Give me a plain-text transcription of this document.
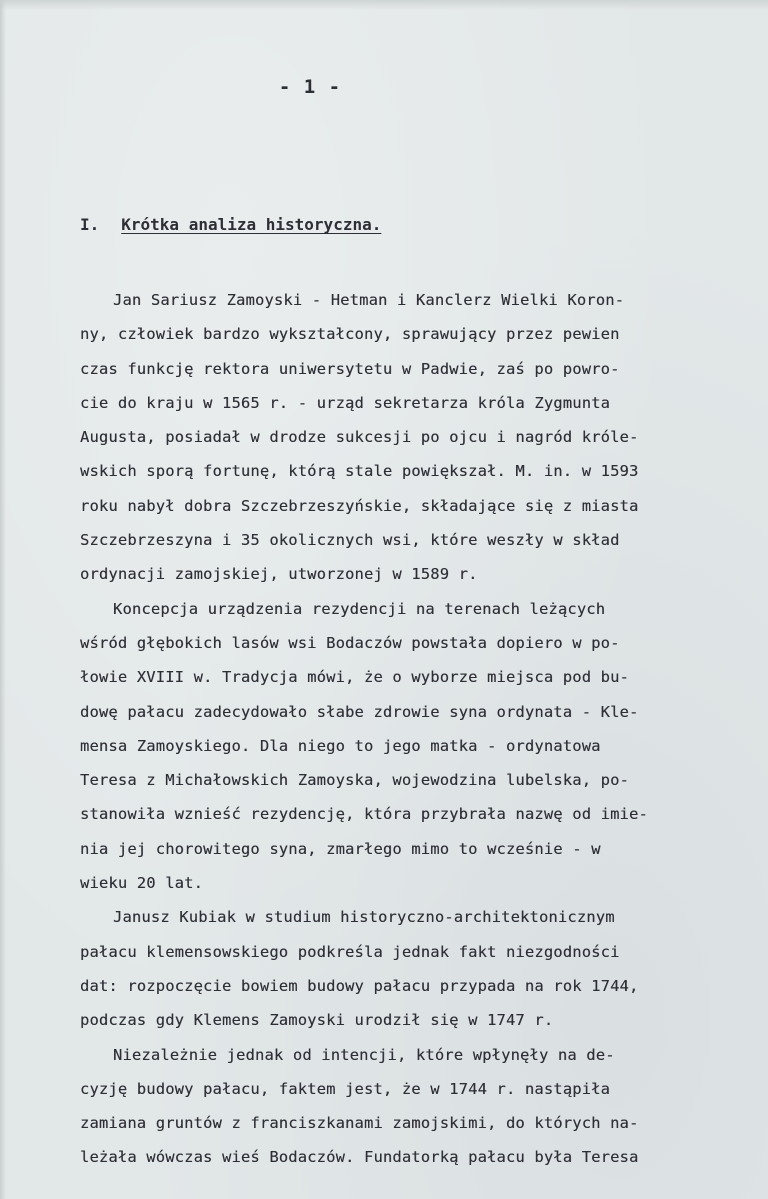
- 1 -
I. Krótka analiza historyczna.
Jan Sariusz Zamoyski - Hetman i Kanclerz Wielki Koron-
ny, człowiek bardzo wykształcony, sprawujący przez pewien
czas funkcję rektora uniwersytetu w Padwie, zaś po powro-
cie do kraju w 1565 r. - urząd sekretarza króla Zygmunta
Augusta, posiadał w drodze sukcesji po ojcu i nagród króle-
wskich sporą fortunę, którą stale powiększał. M. in. w 1593
roku nabył dobra Szczebrzeszyńskie, składające się z miasta
Szczebrzeszyna i 35 okolicznych wsi, które weszły w skład
ordynacji zamojskiej, utworzonej w 1589 r.
Koncepcja urządzenia rezydencji na terenach leżących
wśród głębokich lasów wsi Bodaczów powstała dopiero w po-
łowie XVIII w. Tradycja mówi, że o wyborze miejsca pod bu-
dowę pałacu zadecydowało słabe zdrowie syna ordynata - Kle-
mensa Zamoyskiego. Dla niego to jego matka - ordynatowa
Teresa z Michałowskich Zamoyska, wojewodzina lubelska, po-
stanowiła wznieść rezydencję, która przybrała nazwę od imie-
nia jej chorowitego syna, zmarłego mimo to wcześnie - w
wieku 20 lat.
Janusz Kubiak w studium historyczno-architektonicznym
pałacu klemensowskiego podkreśla jednak fakt niezgodności
dat: rozpoczęcie bowiem budowy pałacu przypada na rok 1744,
podczas gdy Klemens Zamoyski urodził się w 1747 r.
Niezależnie jednak od intencji, które wpłynęły na de-
cyzję budowy pałacu, faktem jest, że w 1744 r. nastąpiła
zamiana gruntów z franciszkanami zamojskimi, do których na-
leżała wówczas wieś Bodaczów. Fundatorką pałacu była Teresa
